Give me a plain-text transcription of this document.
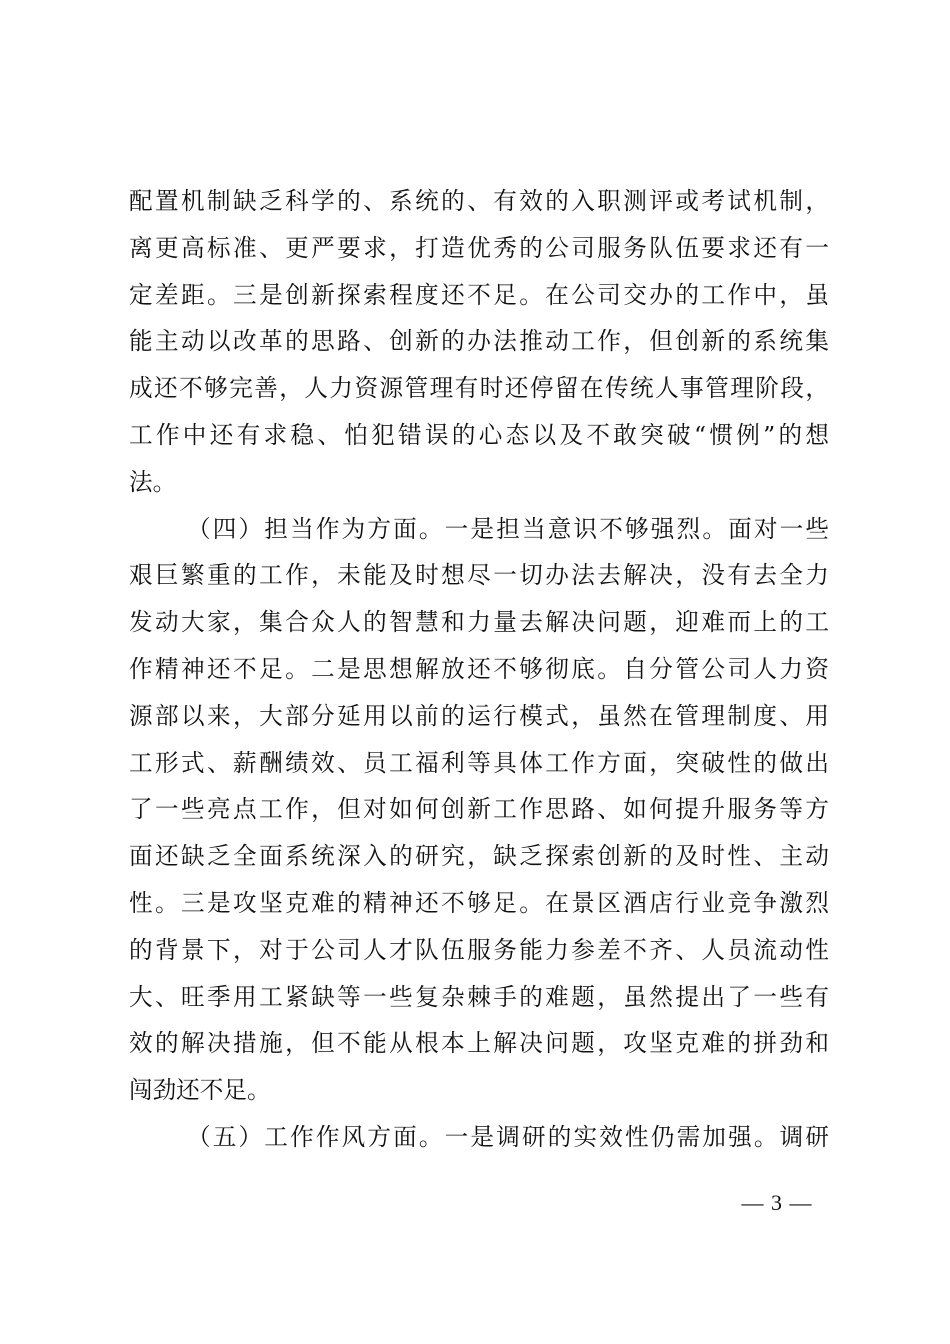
配置机制缺乏科学的、系统的、有效的入职测评或考试机制，
离更高标准、更严要求，打造优秀的公司服务队伍要求还有一
定差距。三是创新探索程度还不足。在公司交办的工作中，虽
能主动以改革的思路、创新的办法推动工作，但创新的系统集
成还不够完善，人力资源管理有时还停留在传统人事管理阶段，
工作中还有求稳、怕犯错误的心态以及不敢突破“惯例”的想
法。
（四）担当作为方面。一是担当意识不够强烈。面对一些
艰巨繁重的工作，未能及时想尽一切办法去解决，没有去全力
发动大家，集合众人的智慧和力量去解决问题，迎难而上的工
作精神还不足。二是思想解放还不够彻底。自分管公司人力资
源部以来，大部分延用以前的运行模式，虽然在管理制度、用
工形式、薪酬绩效、员工福利等具体工作方面，突破性的做出
了一些亮点工作，但对如何创新工作思路、如何提升服务等方
面还缺乏全面系统深入的研究，缺乏探索创新的及时性、主动
性。三是攻坚克难的精神还不够足。在景区酒店行业竞争激烈
的背景下，对于公司人才队伍服务能力参差不齐、人员流动性
大、旺季用工紧缺等一些复杂棘手的难题，虽然提出了一些有
效的解决措施，但不能从根本上解决问题，攻坚克难的拼劲和
闯劲还不足。
（五）工作作风方面。一是调研的实效性仍需加强。调研
— 3 —
